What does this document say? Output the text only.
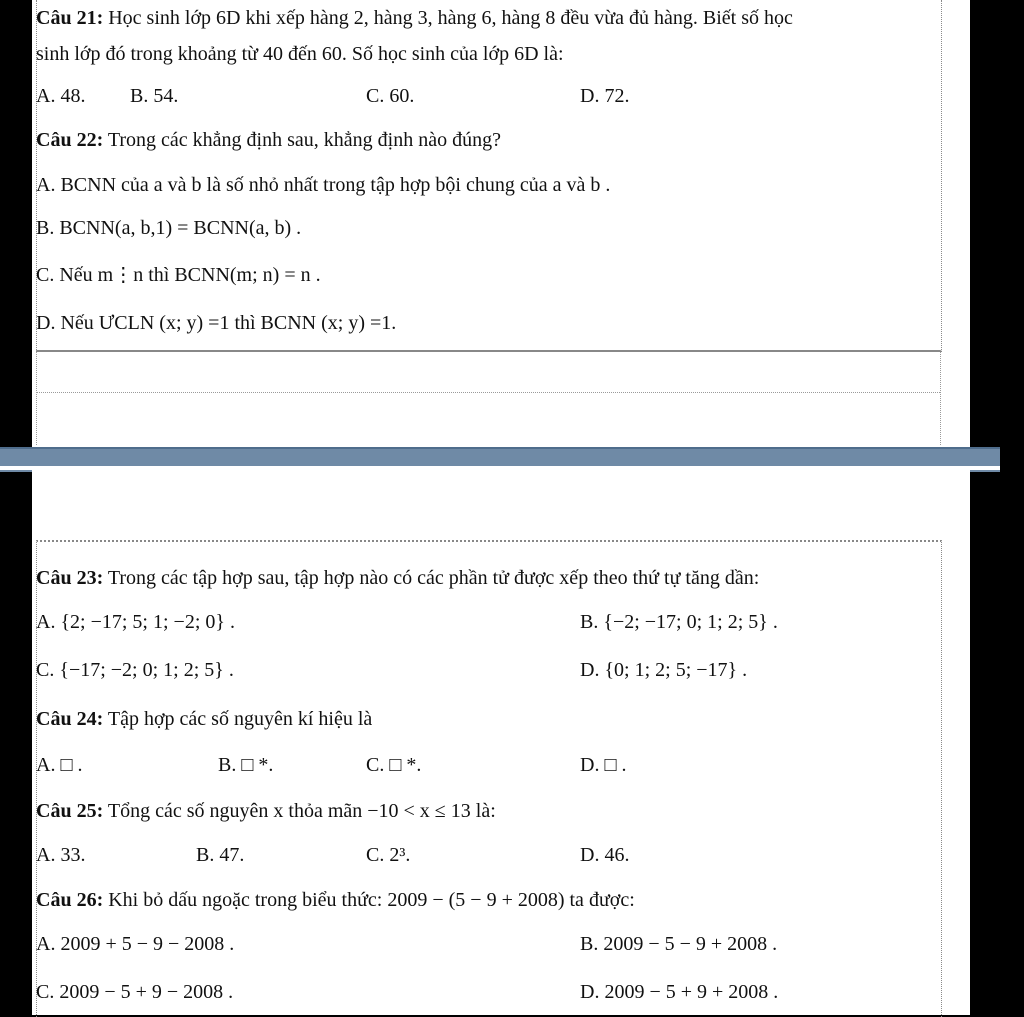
Câu 21: Học sinh lớp 6D khi xếp hàng 2, hàng 3, hàng 6, hàng 8 đều vừa đủ hàng. Biết số học
sinh lớp đó trong khoảng từ 40 đến 60. Số học sinh của lớp 6D là:
A. 48. B. 54.	C. 60.	D. 72.
Câu 22: Trong các khẳng định sau, khẳng định nào đúng?
A. BCNN của a và b là số nhỏ nhất trong tập hợp bội chung của a và b .
B. BCNN(a, b,1) = BCNN(a, b) .
C. Nếu m⋮n thì BCNN(m; n) = n .
D. Nếu ƯCLN (x; y) =1 thì BCNN (x; y) =1.
Câu 23: Trong các tập hợp sau, tập hợp nào có các phần tử được xếp theo thứ tự tăng dần:
A. {2; −17; 5; 1; −2; 0} .	B. {−2; −17; 0; 1; 2; 5} .
C. {−17; −2; 0; 1; 2; 5} .	D. {0; 1; 2; 5; −17} .
Câu 24: Tập hợp các số nguyên kí hiệu là
A. □ .	B. □ *.	C. □ *.	D. □ .
Câu 25: Tổng các số nguyên x thỏa mãn −10 < x ≤ 13 là:
A. 33.	B. 47.	C. 2³.	D. 46.
Câu 26: Khi bỏ dấu ngoặc trong biểu thức: 2009 − (5 − 9 + 2008) ta được:
A. 2009 + 5 − 9 − 2008 .	B. 2009 − 5 − 9 + 2008 .
C. 2009 − 5 + 9 − 2008 .	D. 2009 − 5 + 9 + 2008 .
